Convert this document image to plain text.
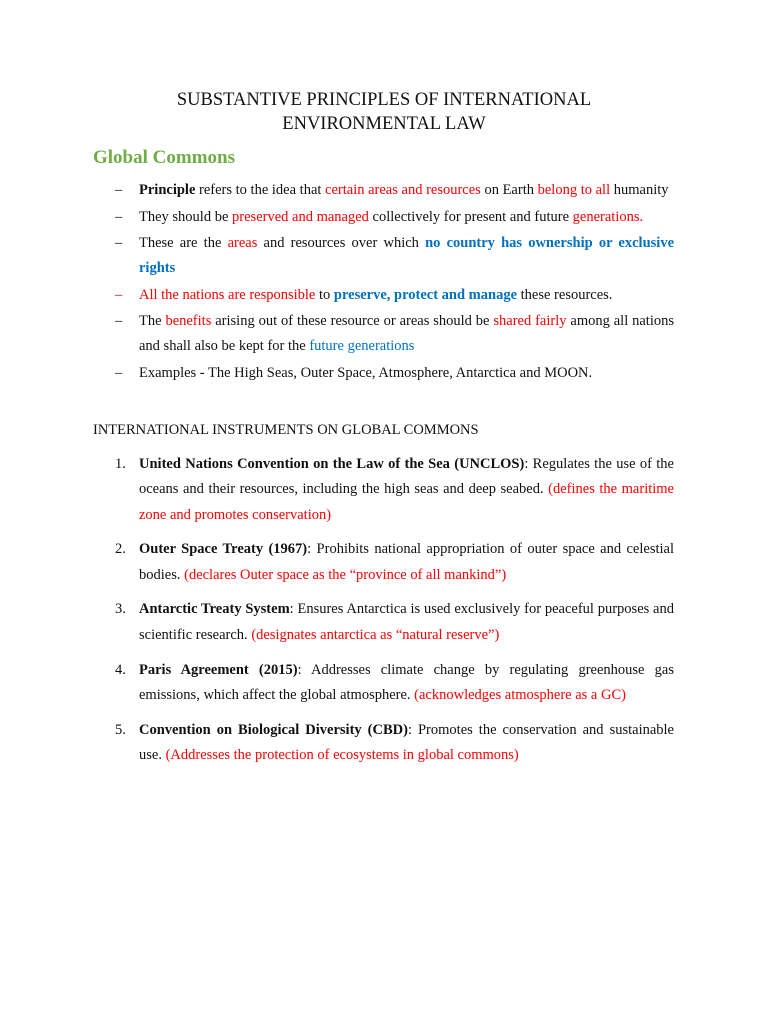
SUBSTANTIVE PRINCIPLES OF INTERNATIONAL
ENVIRONMENTAL LAW
Global Commons
– Principle refers to the idea that certain areas and resources on Earth belong to all humanity
– They should be preserved and managed collectively for present and future generations.
– These are the areas and resources over which no country has ownership or exclusive rights
– All the nations are responsible to preserve, protect and manage these resources.
– The benefits arising out of these resource or areas should be shared fairly among all nations and shall also be kept for the future generations
– Examples - The High Seas, Outer Space, Atmosphere, Antarctica and MOON.
INTERNATIONAL INSTRUMENTS ON GLOBAL COMMONS
1. United Nations Convention on the Law of the Sea (UNCLOS): Regulates the use of the oceans and their resources, including the high seas and deep seabed. (defines the maritime zone and promotes conservation)
2. Outer Space Treaty (1967): Prohibits national appropriation of outer space and celestial bodies. (declares Outer space as the “province of all mankind”)
3. Antarctic Treaty System: Ensures Antarctica is used exclusively for peaceful purposes and scientific research. (designates antarctica as “natural reserve”)
4. Paris Agreement (2015): Addresses climate change by regulating greenhouse gas emissions, which affect the global atmosphere. (acknowledges atmosphere as a GC)
5. Convention on Biological Diversity (CBD): Promotes the conservation and sustainable use. (Addresses the protection of ecosystems in global commons)
